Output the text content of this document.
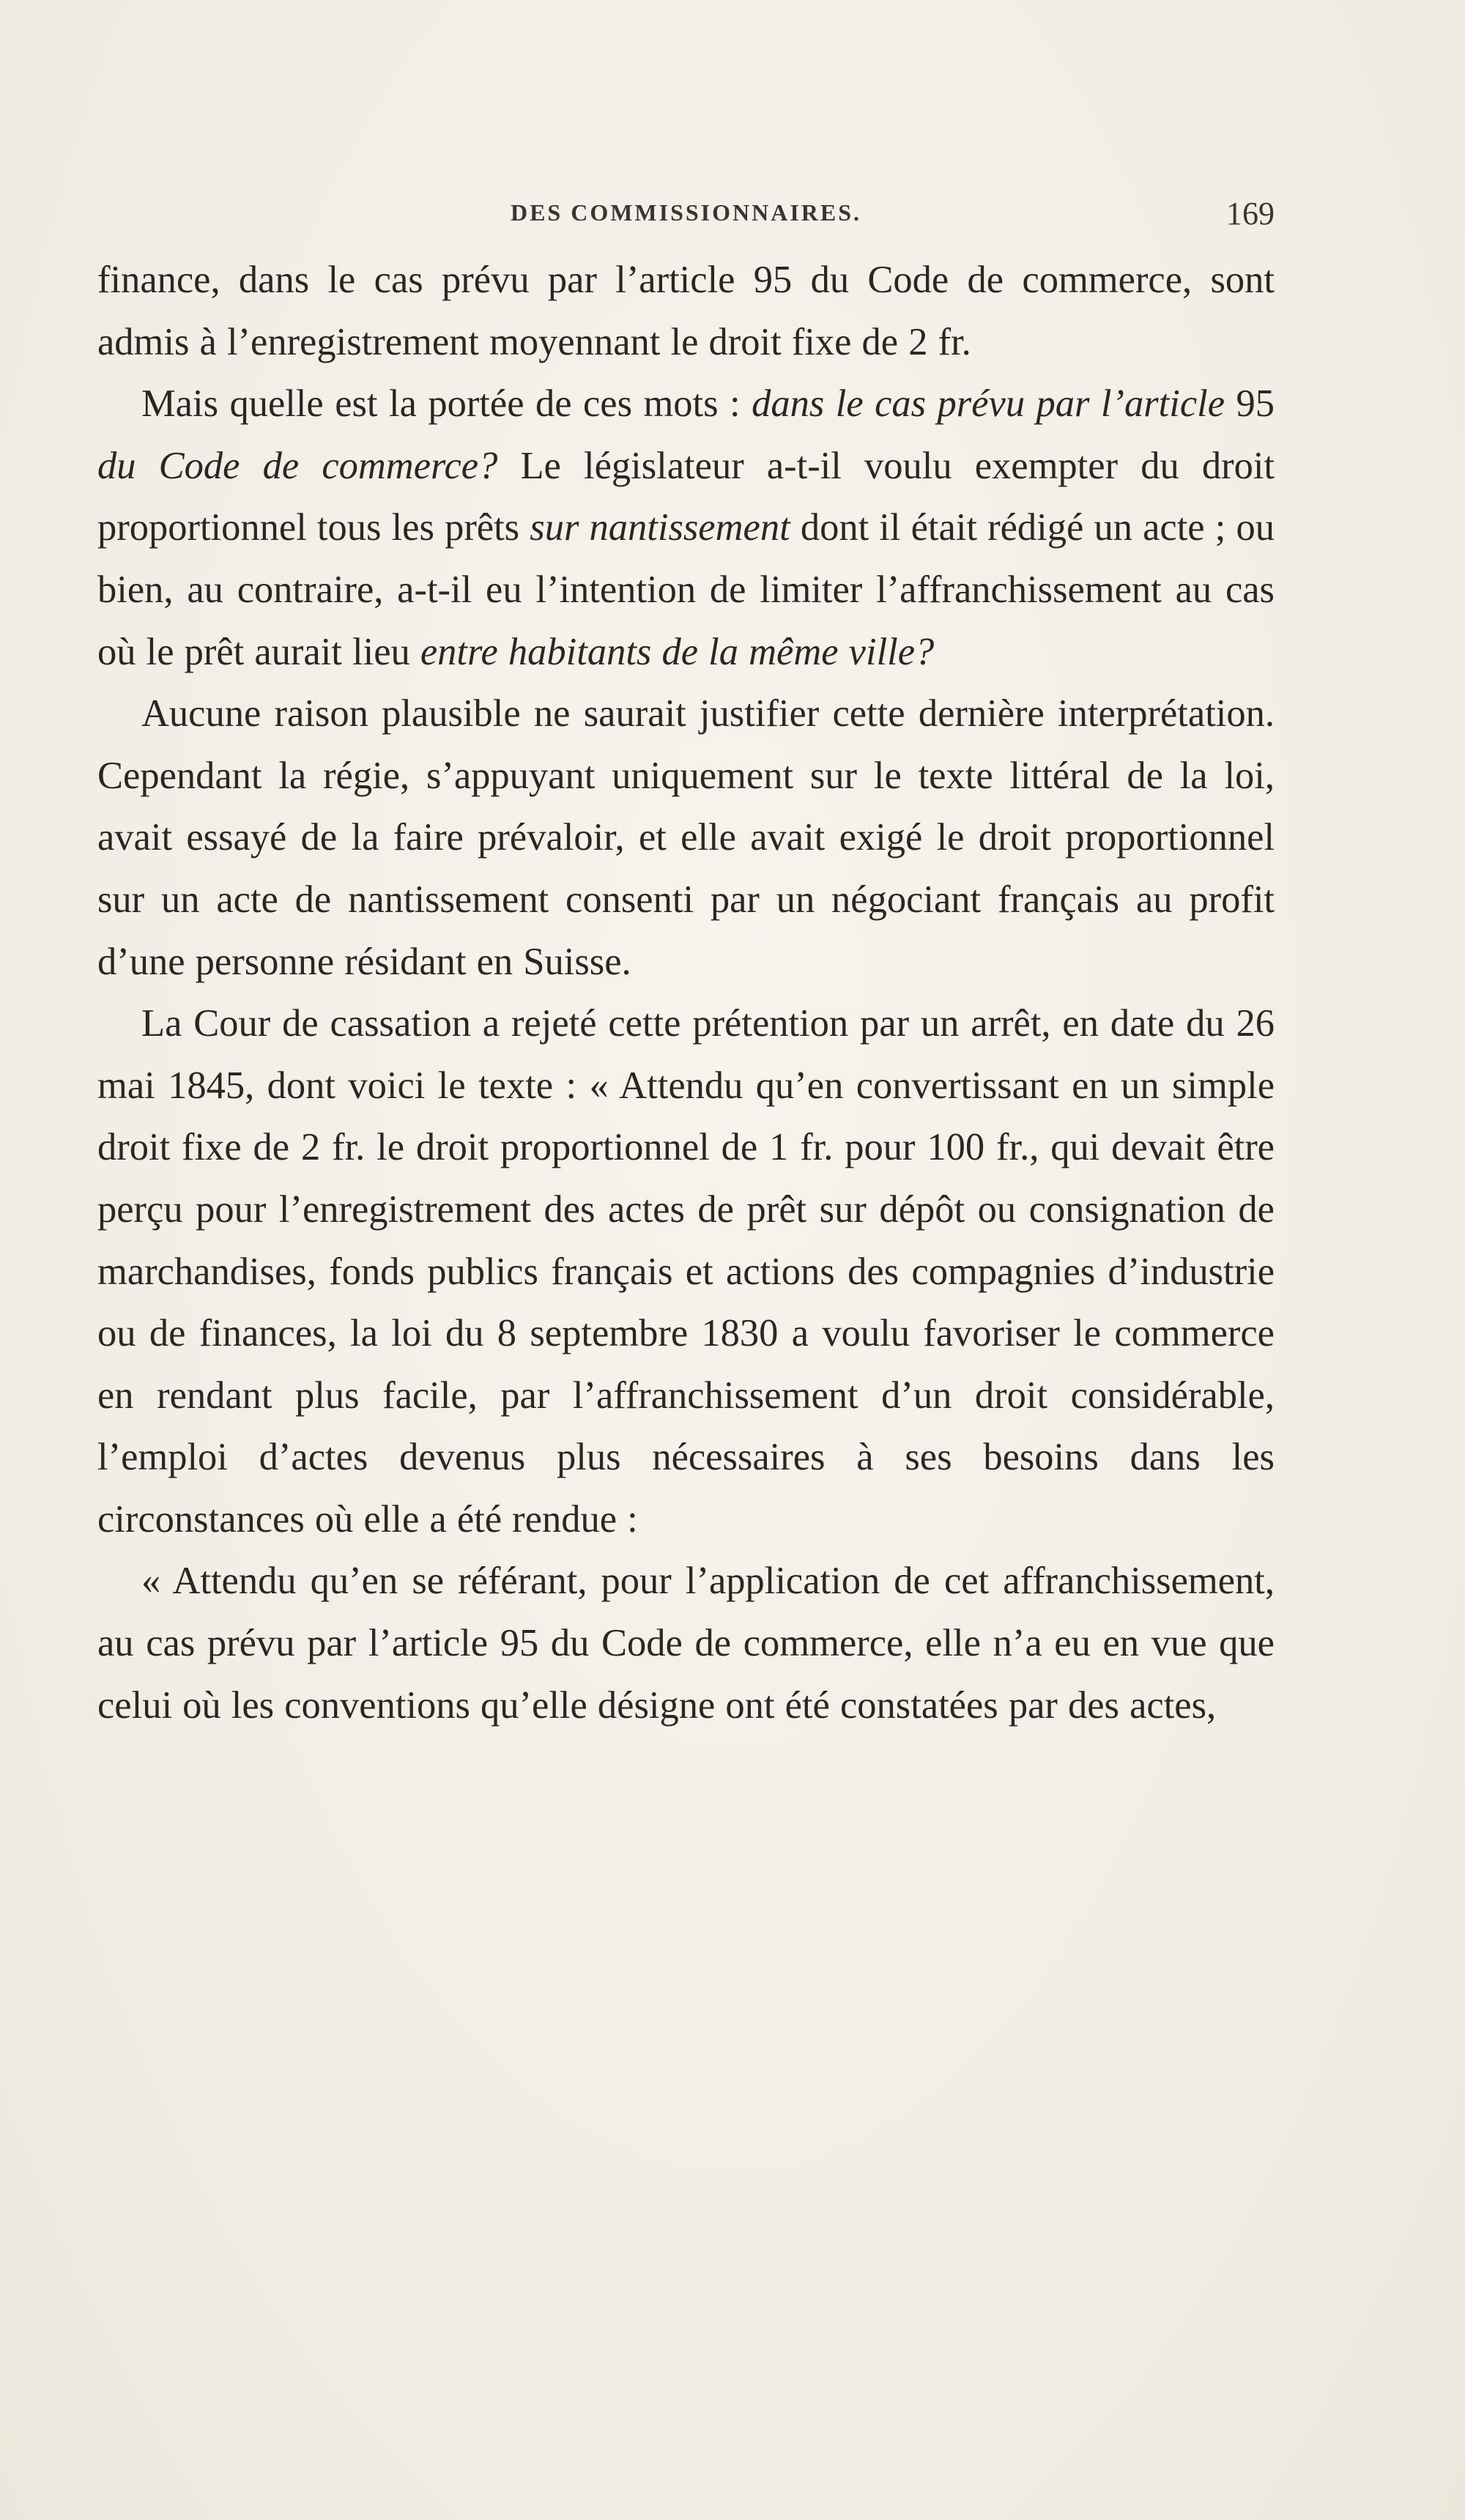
DES COMMISSIONNAIRES.	169

finance, dans le cas prévu par l’article 95 du Code de commerce, sont admis à l’enregistrement moyennant le droit fixe de 2 fr.

Mais quelle est la portée de ces mots : dans le cas prévu par l’article 95 du Code de commerce? Le législateur a-t-il voulu exempter du droit proportionnel tous les prêts sur nantissement dont il était rédigé un acte ; ou bien, au contraire, a-t-il eu l’intention de limiter l’affranchissement au cas où le prêt aurait lieu entre habitants de la même ville?

Aucune raison plausible ne saurait justifier cette dernière interprétation. Cependant la régie, s’appuyant uniquement sur le texte littéral de la loi, avait essayé de la faire prévaloir, et elle avait exigé le droit proportionnel sur un acte de nantissement consenti par un négociant français au profit d’une personne résidant en Suisse.

La Cour de cassation a rejeté cette prétention par un arrêt, en date du 26 mai 1845, dont voici le texte : « Attendu qu’en convertissant en un simple droit fixe de 2 fr. le droit proportionnel de 1 fr. pour 100 fr., qui devait être perçu pour l’enregistrement des actes de prêt sur dépôt ou consignation de marchandises, fonds publics français et actions des compagnies d’industrie ou de finances, la loi du 8 septembre 1830 a voulu favoriser le commerce en rendant plus facile, par l’affranchissement d’un droit considérable, l’emploi d’actes devenus plus nécessaires à ses besoins dans les circonstances où elle a été rendue :

« Attendu qu’en se référant, pour l’application de cet affranchissement, au cas prévu par l’article 95 du Code de commerce, elle n’a eu en vue que celui où les conventions qu’elle désigne ont été constatées par des actes,
